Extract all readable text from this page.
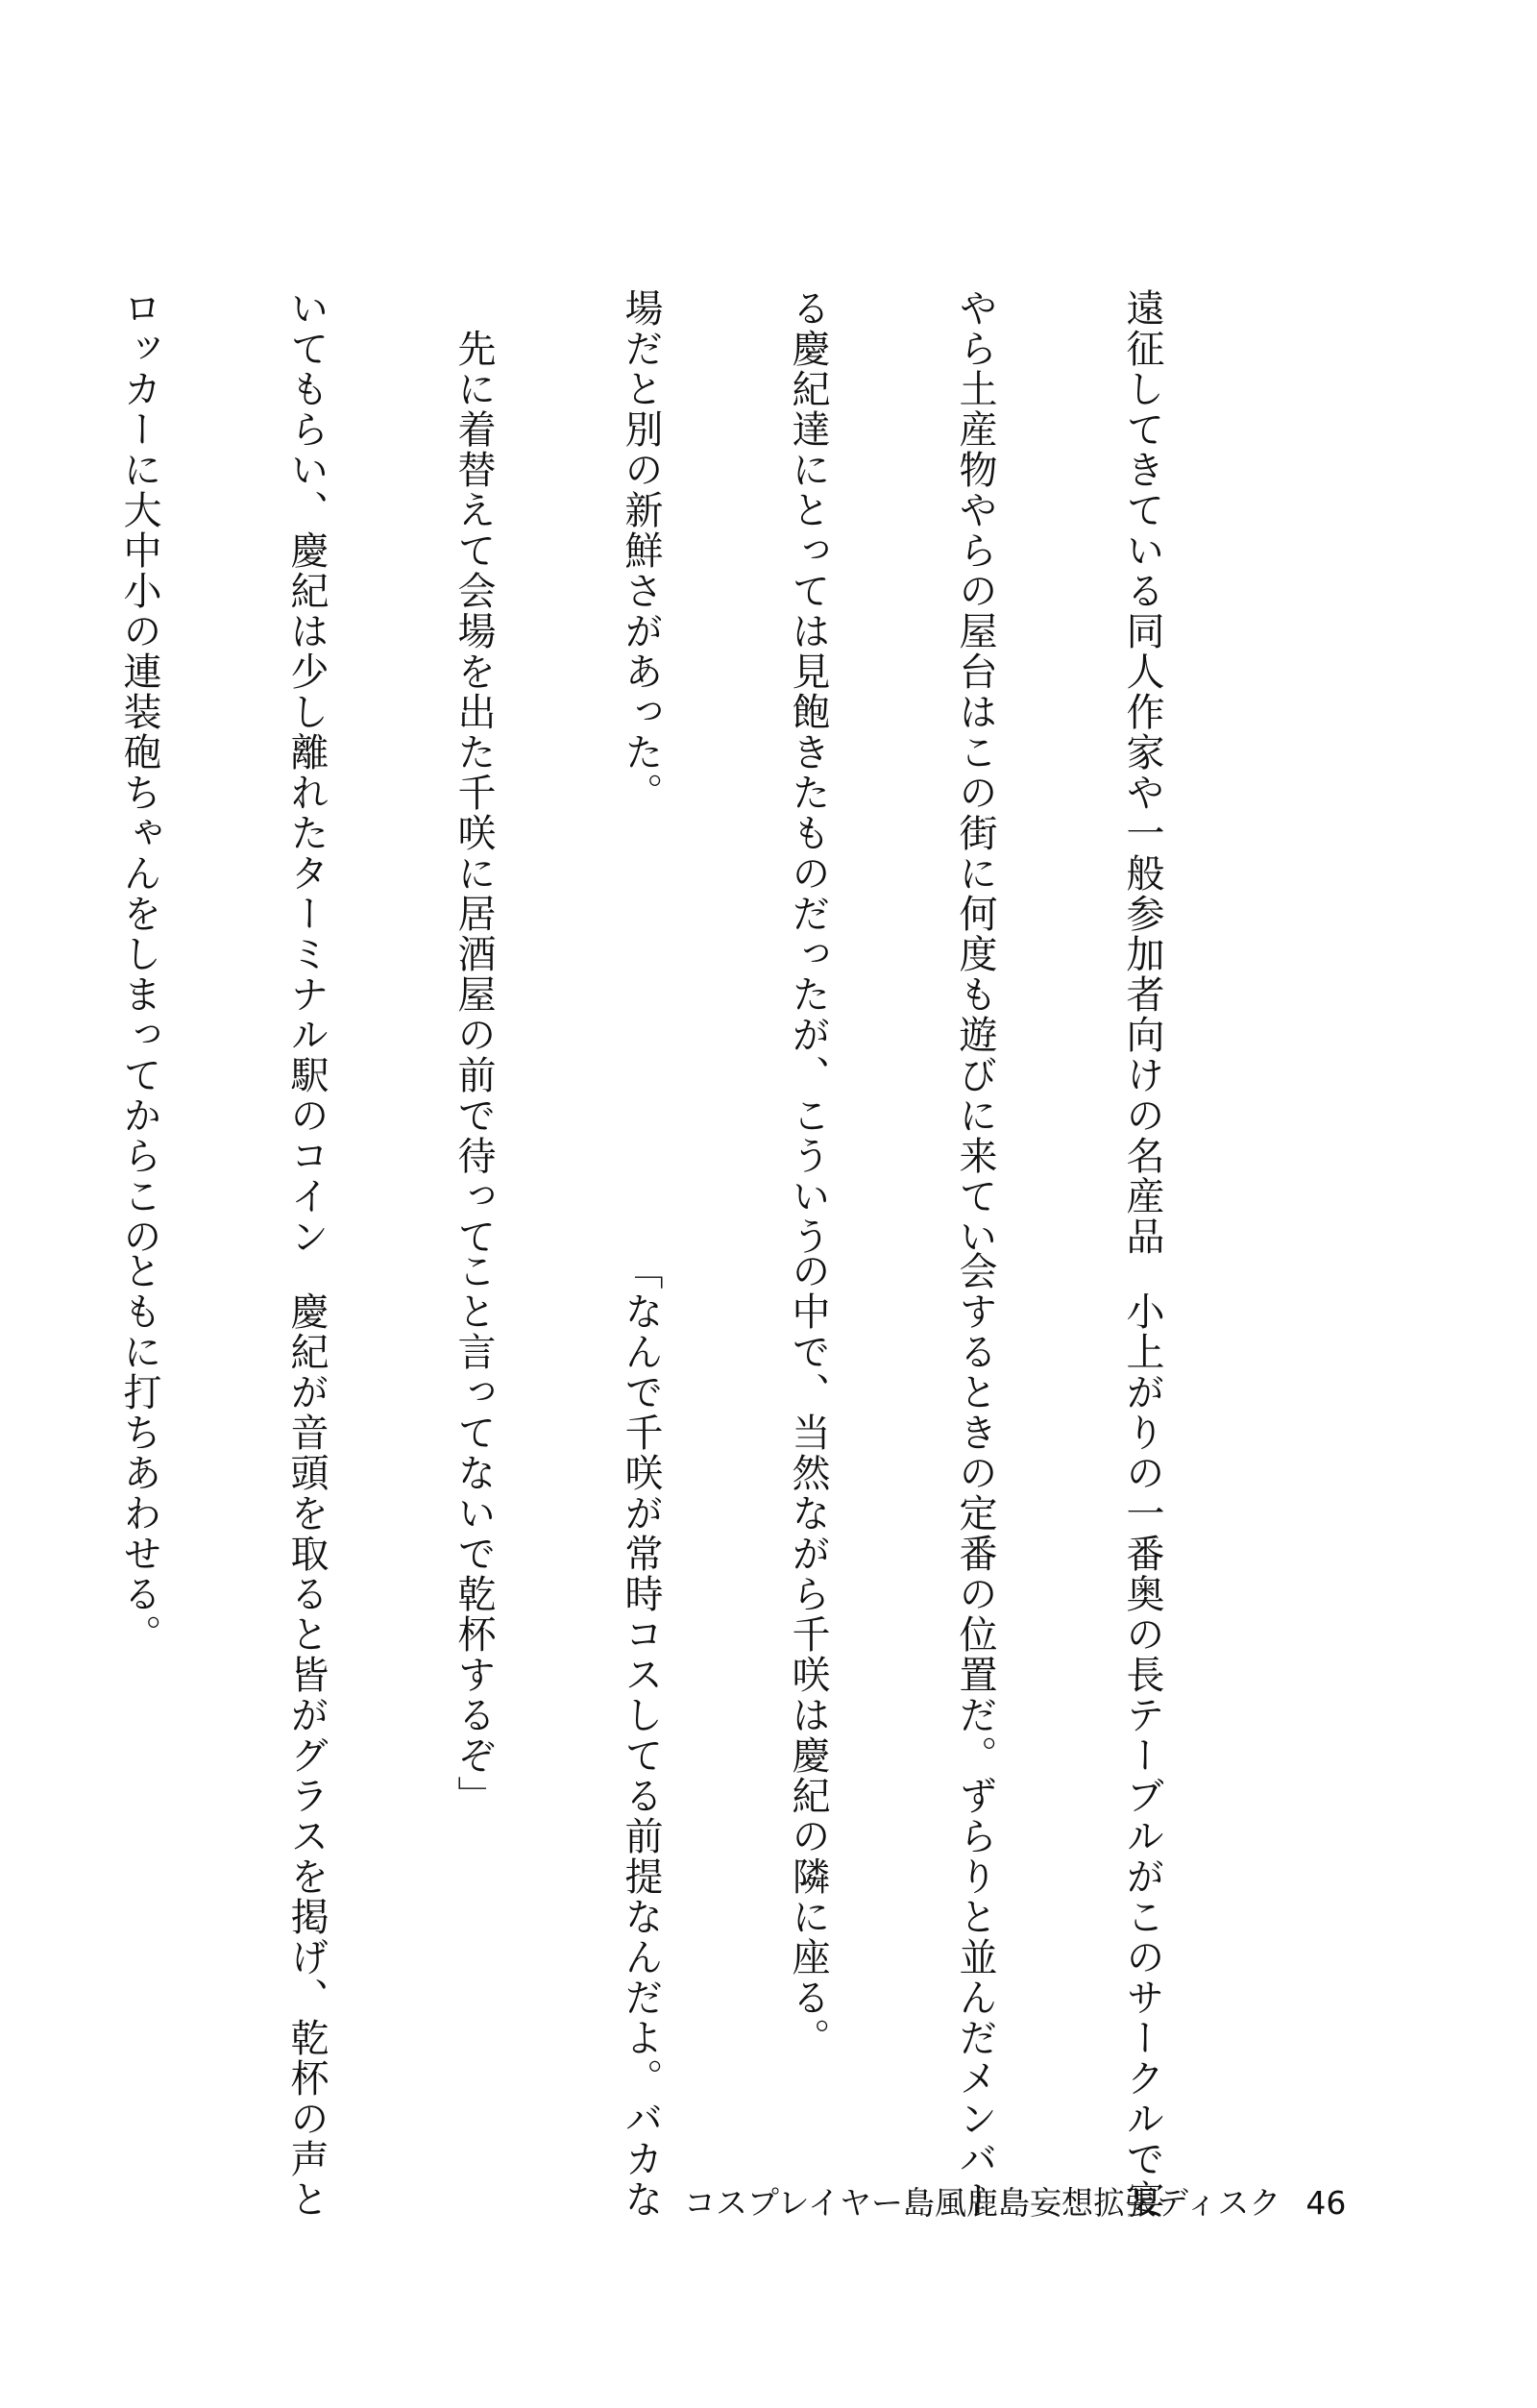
遠征してきている同人作家や一般参加者向けの名産品

やら土産物やらの屋台はこの街に何度も遊びに来てい

る慶紀達にとっては見飽きたものだったが、こういう

場だと別の新鮮さがあった。

　先に着替えて会場を出た千咲に居酒屋の前で待って

いてもらい、慶紀は少し離れたターミナル駅のコイン

ロッカーに大中小の連装砲ちゃんをしまってからこの

　小上がりの一番奥の長テーブルがこのサークルで宴

会するときの定番の位置だ。ずらりと並んだメンバー

の中で、当然ながら千咲は慶紀の隣に座る。

「なんで千咲が常時コスしてる前提なんだよ。バカな

こと言ってないで乾杯するぞ」

　慶紀が音頭を取ると皆がグラスを掲げ、乾杯の声と

ともに打ちあわせる。

コスプレイヤー島風鹿島妄想拡張ディスク 46
